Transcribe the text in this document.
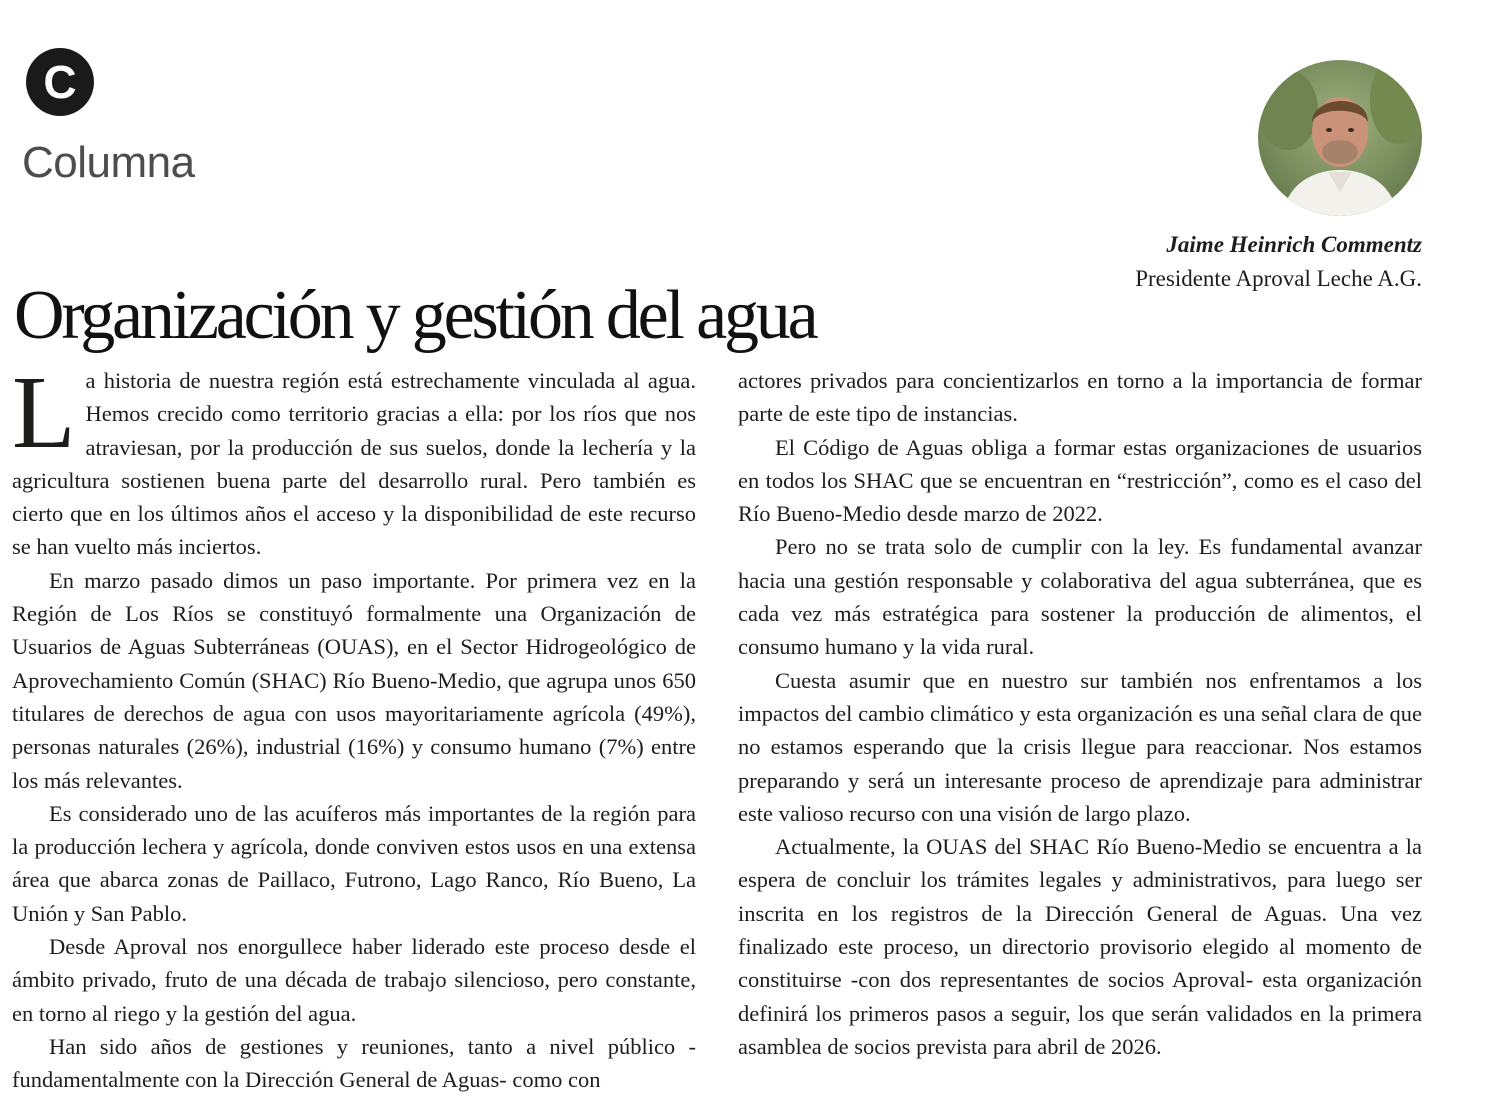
C
Columna
Jaime Heinrich Commentz
Presidente Aproval Leche A.G.
Organización y gestión del agua

La historia de nuestra región está estrechamente vinculada al agua. Hemos crecido como territorio gracias a ella: por los ríos que nos atraviesan, por la producción de sus suelos, donde la lechería y la agricultura sostienen buena parte del desarrollo rural. Pero también es cierto que en los últimos años el acceso y la disponibilidad de este recurso se han vuelto más inciertos.

En marzo pasado dimos un paso importante. Por primera vez en la Región de Los Ríos se constituyó formalmente una Organización de Usuarios de Aguas Subterráneas (OUAS), en el Sector Hidrogeológico de Aprovechamiento Común (SHAC) Río Bueno-Medio, que agrupa unos 650 titulares de derechos de agua con usos mayoritariamente agrícola (49%), personas naturales (26%), industrial (16%) y consumo humano (7%) entre los más relevantes.

Es considerado uno de las acuíferos más importantes de la región para la producción lechera y agrícola, donde conviven estos usos en una extensa área que abarca zonas de Paillaco, Futrono, Lago Ranco, Río Bueno, La Unión y San Pablo.

Desde Aproval nos enorgullece haber liderado este proceso desde el ámbito privado, fruto de una década de trabajo silencioso, pero constante, en torno al riego y la gestión del agua.

Han sido años de gestiones y reuniones, tanto a nivel público -fundamentalmente con la Dirección General de Aguas- como con

actores privados para concientizarlos en torno a la importancia de formar parte de este tipo de instancias.

El Código de Aguas obliga a formar estas organizaciones de usuarios en todos los SHAC que se encuentran en “restricción”, como es el caso del Río Bueno-Medio desde marzo de 2022.

Pero no se trata solo de cumplir con la ley. Es fundamental avanzar hacia una gestión responsable y colaborativa del agua subterránea, que es cada vez más estratégica para sostener la producción de alimentos, el consumo humano y la vida rural.

Cuesta asumir que en nuestro sur también nos enfrentamos a los impactos del cambio climático y esta organización es una señal clara de que no estamos esperando que la crisis llegue para reaccionar. Nos estamos preparando y será un interesante proceso de aprendizaje para administrar este valioso recurso con una visión de largo plazo.

Actualmente, la OUAS del SHAC Río Bueno-Medio se encuentra a la espera de concluir los trámites legales y administrativos, para luego ser inscrita en los registros de la Dirección General de Aguas. Una vez finalizado este proceso, un directorio provisorio elegido al momento de constituirse -con dos representantes de socios Aproval- esta organización definirá los primeros pasos a seguir, los que serán validados en la primera asamblea de socios prevista para abril de 2026.
